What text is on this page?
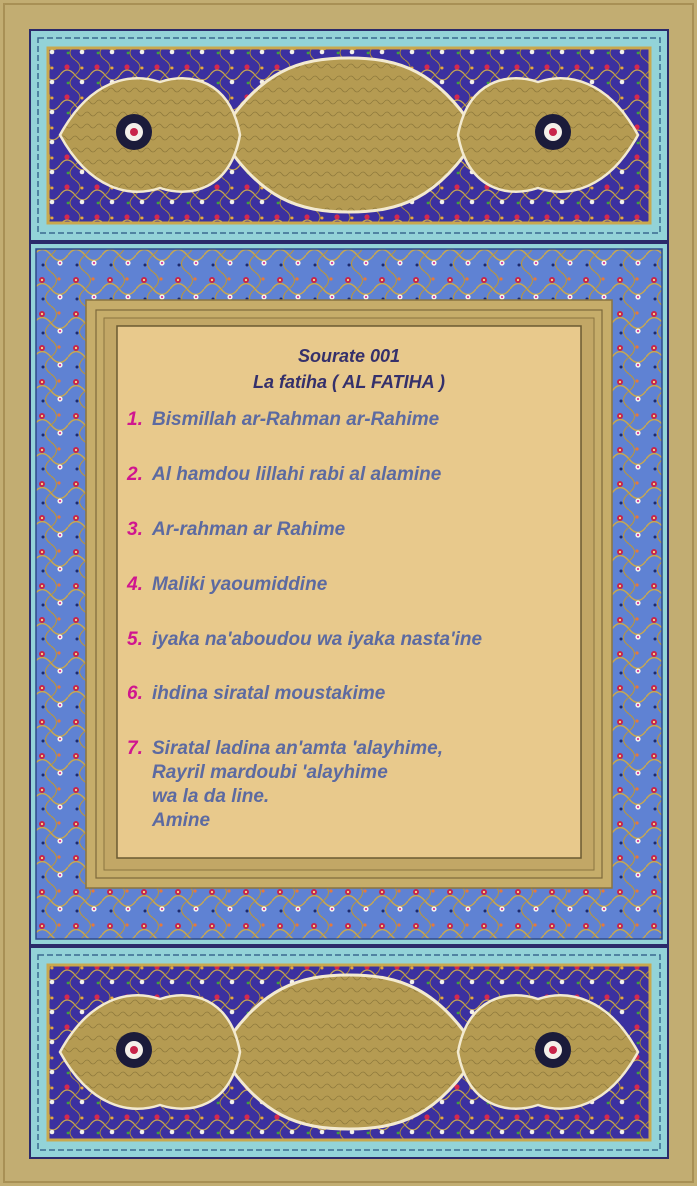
Sourate 001
La fatiha ( AL FATIHA )
1. Bismillah ar-Rahman ar-Rahime
2. Al hamdou lillahi rabi al alamine
3. Ar-rahman ar Rahime
4. Maliki yaoumiddine
5. iyaka na'aboudou wa iyaka nasta'ine
6. ihdina siratal moustakime
7. Siratal ladina an'amta 'alayhime,
Rayril mardoubi 'alayhime
wa la da line.
Amine
